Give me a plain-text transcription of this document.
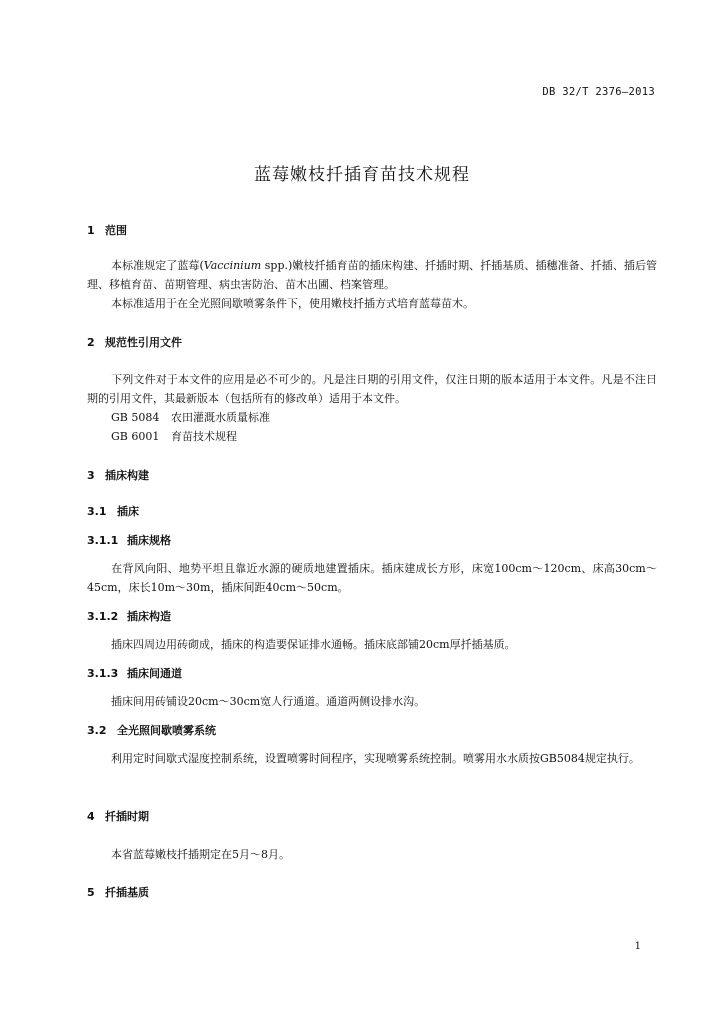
DB 32/T 2376—2013
蓝莓嫩枝扦插育苗技术规程
1 范围
本标准规定了蓝莓(Vaccinium spp.)嫩枝扦插育苗的插床构建、扦插时期、扦插基质、插穗准备、扦插、插后管理、移植育苗、苗期管理、病虫害防治、苗木出圃、档案管理。
本标准适用于在全光照间歇喷雾条件下，使用嫩枝扦插方式培育蓝莓苗木。
2 规范性引用文件
下列文件对于本文件的应用是必不可少的。凡是注日期的引用文件，仅注日期的版本适用于本文件。凡是不注日期的引用文件，其最新版本（包括所有的修改单）适用于本文件。
GB 5084 农田灌溉水质量标准
GB 6001 育苗技术规程
3 插床构建
3.1 插床
3.1.1 插床规格
在背风向阳、地势平坦且靠近水源的硬质地建置插床。插床建成长方形，床宽100cm～120cm、床高30cm～45cm，床长10m～30m，插床间距40cm～50cm。
3.1.2 插床构造
插床四周边用砖砌成，插床的构造要保证排水通畅。插床底部铺20cm厚扦插基质。
3.1.3 插床间通道
插床间用砖铺设20cm～30cm宽人行通道。通道两侧设排水沟。
3.2 全光照间歇喷雾系统
利用定时间歇式湿度控制系统，设置喷雾时间程序，实现喷雾系统控制。喷雾用水水质按GB5084规定执行。
4 扦插时期
本省蓝莓嫩枝扦插期定在5月～8月。
5 扦插基质
1
